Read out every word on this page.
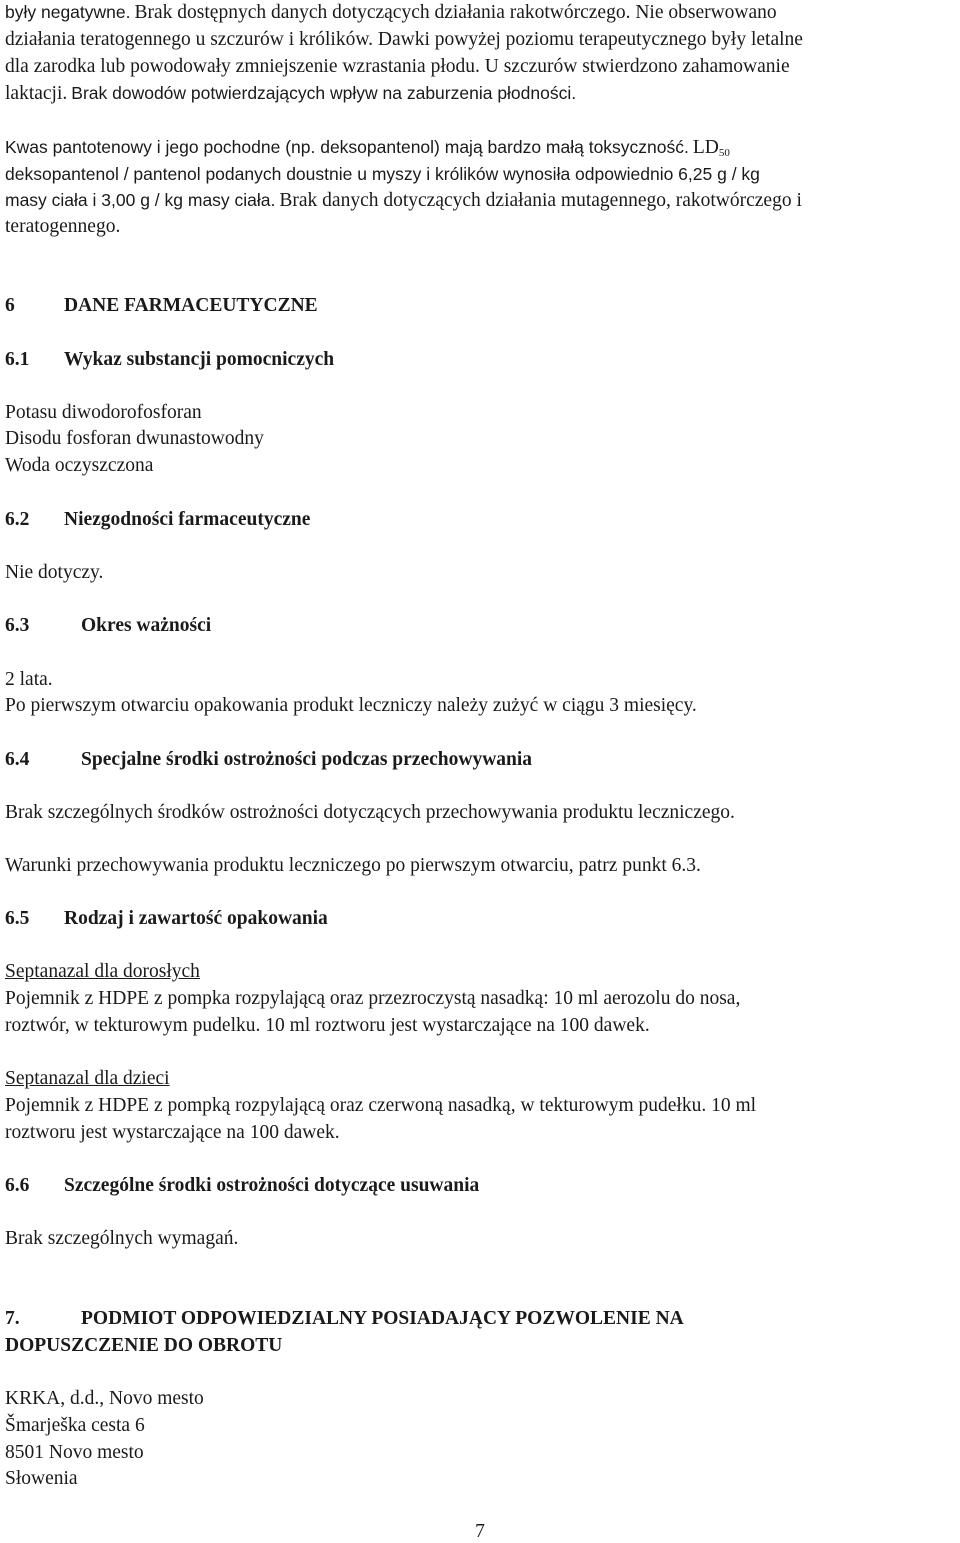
były negatywne. Brak dostępnych danych dotyczących działania rakotwórczego. Nie obserwowano
działania teratogennego u szczurów i królików. Dawki powyżej poziomu terapeutycznego były letalne
dla zarodka lub powodowały zmniejszenie wzrastania płodu. U szczurów stwierdzono zahamowanie
laktacji. Brak dowodów potwierdzających wpływ na zaburzenia płodności.
Kwas pantotenowy i jego pochodne (np. deksopantenol) mają bardzo małą toksyczność. $LD_{50}$
deksopantenol / pantenol podanych doustnie u myszy i królików wynosiła odpowiednio 6,25 g / kg
masy ciała i 3,00 g / kg masy ciała. Brak danych dotyczących działania mutagennego, rakotwórczego i
teratogennego.
6	DANE FARMACEUTYCZNE
6.1 Wykaz substancji pomocniczych
Potasu diwodorofosforan
Disodu fosforan dwunastowodny
Woda oczyszczona
6.2 Niezgodności farmaceutyczne
Nie dotyczy.
6.3	Okres ważności
2 lata.
Po pierwszym otwarciu opakowania produkt leczniczy należy zużyć w ciągu 3 miesięcy.
6.4	Specjalne środki ostrożności podczas przechowywania
Brak szczególnych środków ostrożności dotyczących przechowywania produktu leczniczego.
Warunki przechowywania produktu leczniczego po pierwszym otwarciu, patrz punkt 6.3.
6.5 Rodzaj i zawartość opakowania
Septanazal dla dorosłych
Pojemnik z HDPE z pompka rozpylającą oraz przezroczystą nasadką: 10 ml aerozolu do nosa,
roztwór, w tekturowym pudelku. 10 ml roztworu jest wystarczające na 100 dawek.
Septanazal dla dzieci
Pojemnik z HDPE z pompką rozpylającą oraz czerwoną nasadką, w tekturowym pudełku. 10 ml
roztworu jest wystarczające na 100 dawek.
6.6 Szczególne środki ostrożności dotyczące usuwania
Brak szczególnych wymagań.
7.	PODMIOT ODPOWIEDZIALNY POSIADAJĄCY POZWOLENIE NA
DOPUSZCZENIE DO OBROTU
KRKA, d.d., Novo mesto
Šmarješka cesta 6
8501 Novo mesto
Słowenia
7
